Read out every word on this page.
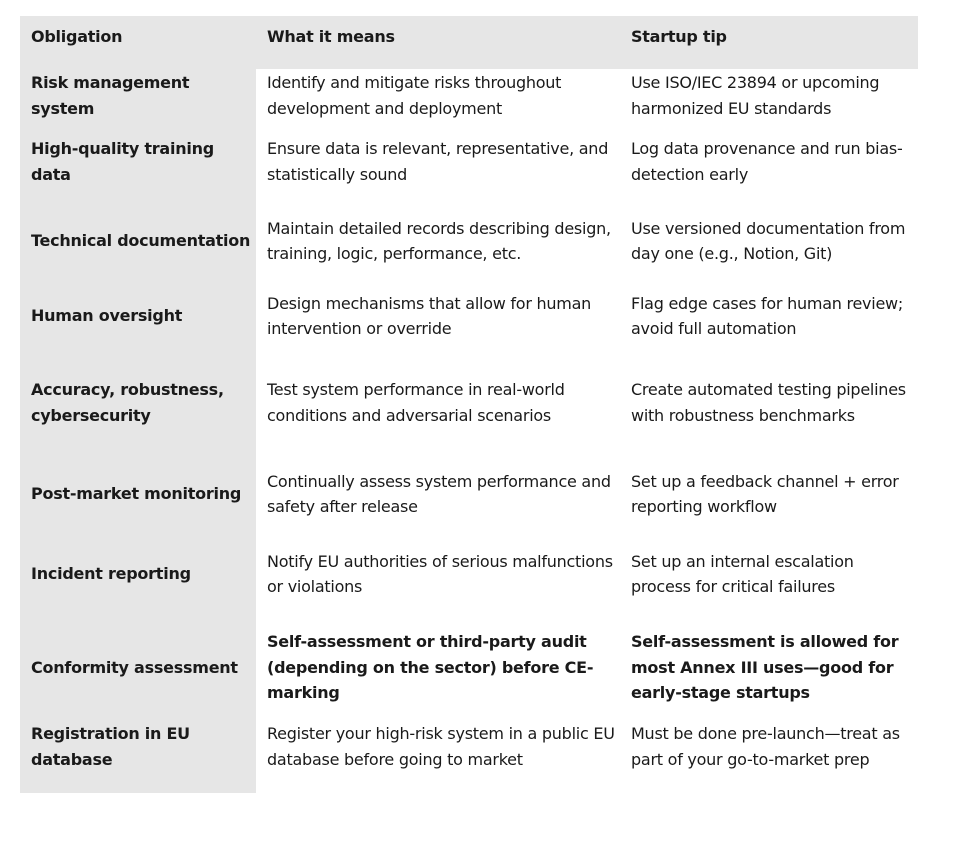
Obligation	What it means	Startup tip
Risk management system	Identify and mitigate risks throughout development and deployment	Use ISO/IEC 23894 or upcoming harmonized EU standards
High-quality training data	Ensure data is relevant, representative, and statistically sound	Log data provenance and run bias-detection early
Technical documentation	Maintain detailed records describing design, training, logic, performance, etc.	Use versioned documentation from day one (e.g., Notion, Git)
Human oversight	Design mechanisms that allow for human intervention or override	Flag edge cases for human review; avoid full automation
Accuracy, robustness, cybersecurity	Test system performance in real-world conditions and adversarial scenarios	Create automated testing pipelines with robustness benchmarks
Post-market monitoring	Continually assess system performance and safety after release	Set up a feedback channel + error reporting workflow
Incident reporting	Notify EU authorities of serious malfunctions or violations	Set up an internal escalation process for critical failures
Conformity assessment	Self-assessment or third-party audit (depending on the sector) before CE-marking	Self-assessment is allowed for most Annex III uses—good for early-stage startups
Registration in EU database	Register your high-risk system in a public EU database before going to market	Must be done pre-launch—treat as part of your go-to-market prep
